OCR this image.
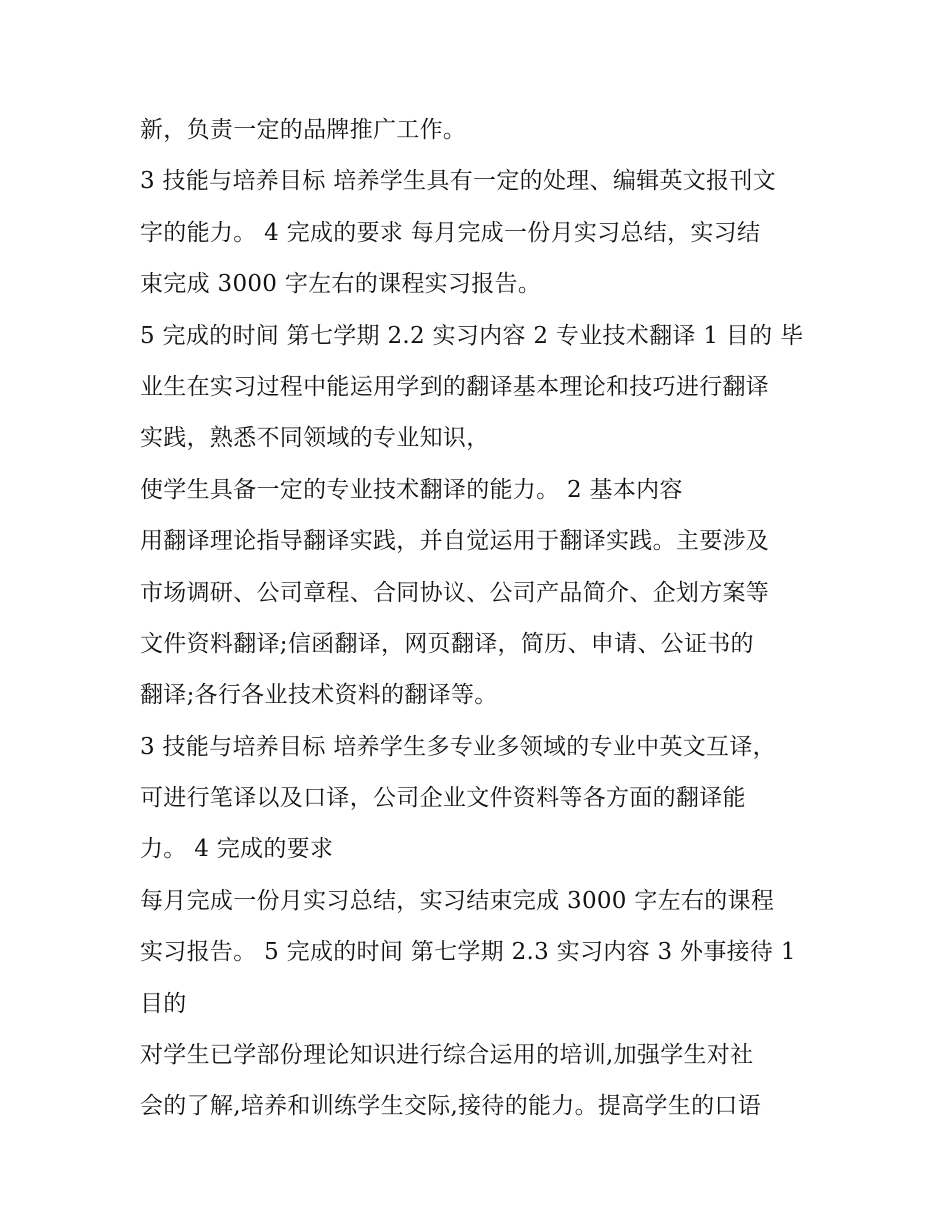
新，负责一定的品牌推广工作。
3 技能与培养目标 培养学生具有一定的处理、编辑英文报刊文
字的能力。 4 完成的要求 每月完成一份月实习总结，实习结
束完成 3000 字左右的课程实习报告。
5 完成的时间 第七学期 2.2 实习内容 2 专业技术翻译 1 目的 毕
业生在实习过程中能运用学到的翻译基本理论和技巧进行翻译
实践，熟悉不同领域的专业知识，
使学生具备一定的专业技术翻译的能力。 2 基本内容
用翻译理论指导翻译实践，并自觉运用于翻译实践。主要涉及
市场调研、公司章程、合同协议、公司产品简介、企划方案等
文件资料翻译;信函翻译，网页翻译，简历、申请、公证书的
翻译;各行各业技术资料的翻译等。
3 技能与培养目标 培养学生多专业多领域的专业中英文互译，
可进行笔译以及口译，公司企业文件资料等各方面的翻译能
力。 4 完成的要求
每月完成一份月实习总结，实习结束完成 3000 字左右的课程
实习报告。 5 完成的时间 第七学期 2.3 实习内容 3 外事接待 1
目的
对学生已学部份理论知识进行综合运用的培训,加强学生对社
会的了解,培养和训练学生交际,接待的能力。提高学生的口语
